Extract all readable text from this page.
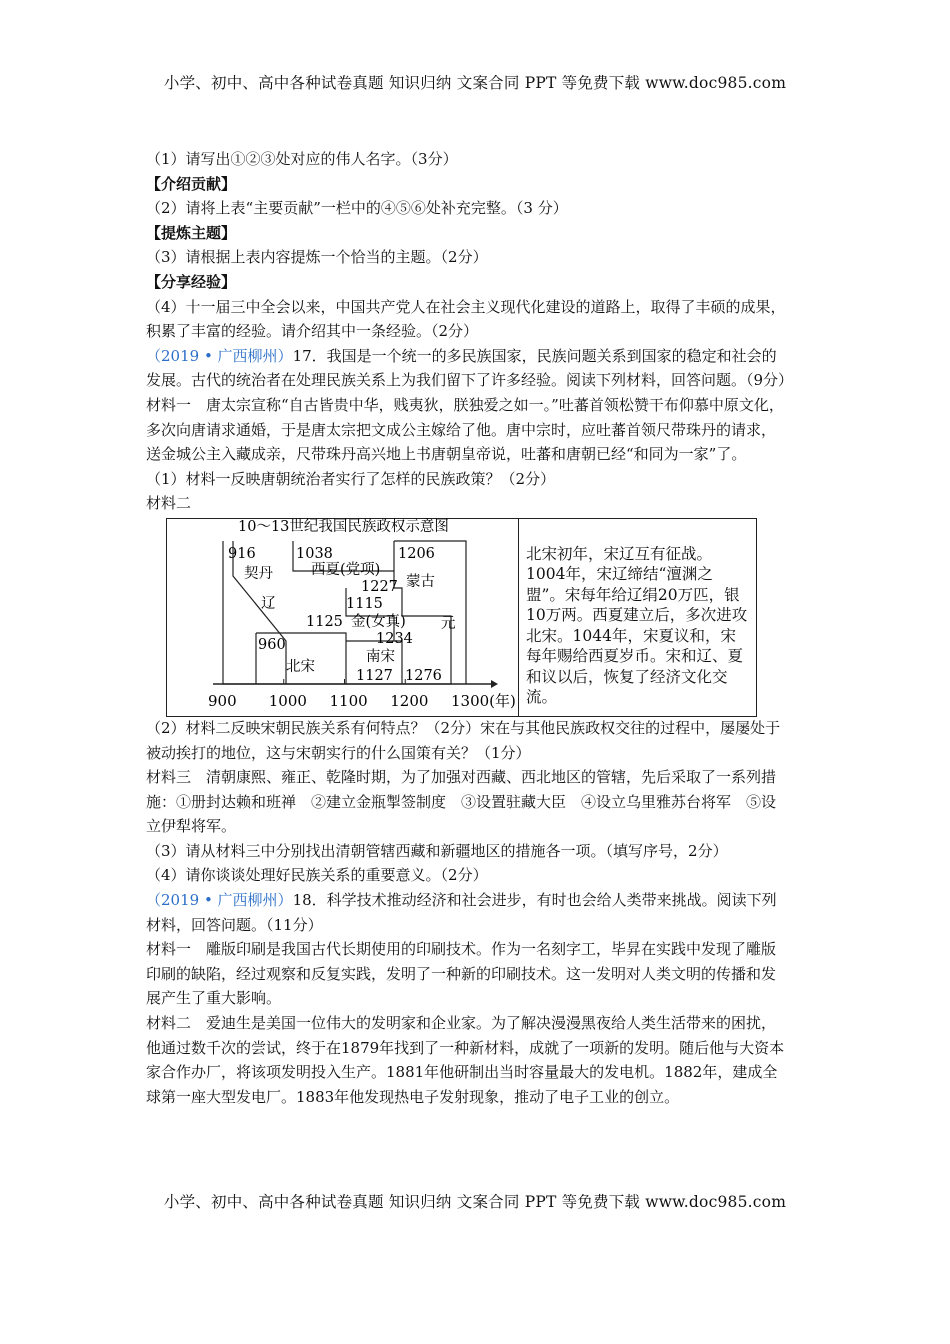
小学、初中、高中各种试卷真题 知识归纳 文案合同 PPT 等免费下载 www.doc985.com

（1）请写出①②③处对应的伟人名字。（3分）

【介绍贡献】

（2）请将上表“主要贡献”一栏中的④⑤⑥处补充完整。（3 分）

【提炼主题】

（3）请根据上表内容提炼一个恰当的主题。（2分）

【分享经验】

（4）十一届三中全会以来，中国共产党人在社会主义现代化建设的道路上，取得了丰硕的成果，积累了丰富的经验。请介绍其中一条经验。（2分）

（2019 • 广西柳州）17．我国是一个统一的多民族国家，民族问题关系到国家的稳定和社会的发展。古代的统治者在处理民族关系上为我们留下了许多经验。阅读下列材料，回答问题。（9分）

材料一　唐太宗宣称“自古皆贵中华，贱夷狄，朕独爱之如一。”吐蕃首领松赞干布仰慕中原文化，多次向唐请求通婚，于是唐太宗把文成公主嫁给了他。唐中宗时，应吐蕃首领尺带珠丹的请求，送金城公主入藏成亲，尺带珠丹高兴地上书唐朝皇帝说，吐蕃和唐朝已经“和同为一家”了。

（1）材料一反映唐朝统治者实行了怎样的民族政策？（2分）

材料二

10～13世纪我国民族政权示意图
916
契丹
辽
1038
西夏(党项)
1227
1206
蒙古
元
1115
1125 金(女真)
1234
960
北宋
南宋
1127 1276
900 1000 1100 1200 1300(年)
北宋初年，宋辽互有征战。1004年，宋辽缔结“澶渊之盟”。宋每年给辽绢20万匹，银10万两。西夏建立后，多次进攻北宋。1044年，宋夏议和，宋每年赐给西夏岁币。宋和辽、夏和议以后，恢复了经济文化交流。

（2）材料二反映宋朝民族关系有何特点？（2分）宋在与其他民族政权交往的过程中，屡屡处于被动挨打的地位，这与宋朝实行的什么国策有关？（1分）

材料三　清朝康熙、雍正、乾隆时期，为了加强对西藏、西北地区的管辖，先后采取了一系列措施：①册封达赖和班禅　②建立金瓶掣签制度　③设置驻藏大臣　④设立乌里雅苏台将军　⑤设立伊犁将军。

（3）请从材料三中分别找出清朝管辖西藏和新疆地区的措施各一项。（填写序号，2分）

（4）请你谈谈处理好民族关系的重要意义。（2分）

（2019 • 广西柳州）18．科学技术推动经济和社会进步，有时也会给人类带来挑战。阅读下列材料，回答问题。（11分）

材料一　雕版印刷是我国古代长期使用的印刷技术。作为一名刻字工，毕昇在实践中发现了雕版印刷的缺陷，经过观察和反复实践，发明了一种新的印刷技术。这一发明对人类文明的传播和发展产生了重大影响。

材料二　爱迪生是美国一位伟大的发明家和企业家。为了解决漫漫黑夜给人类生活带来的困扰，他通过数千次的尝试，终于在1879年找到了一种新材料，成就了一项新的发明。随后他与大资本家合作办厂，将该项发明投入生产。1881年他研制出当时容量最大的发电机。1882年，建成全球第一座大型发电厂。1883年他发现热电子发射现象，推动了电子工业的创立。

小学、初中、高中各种试卷真题 知识归纳 文案合同 PPT 等免费下载 www.doc985.com
